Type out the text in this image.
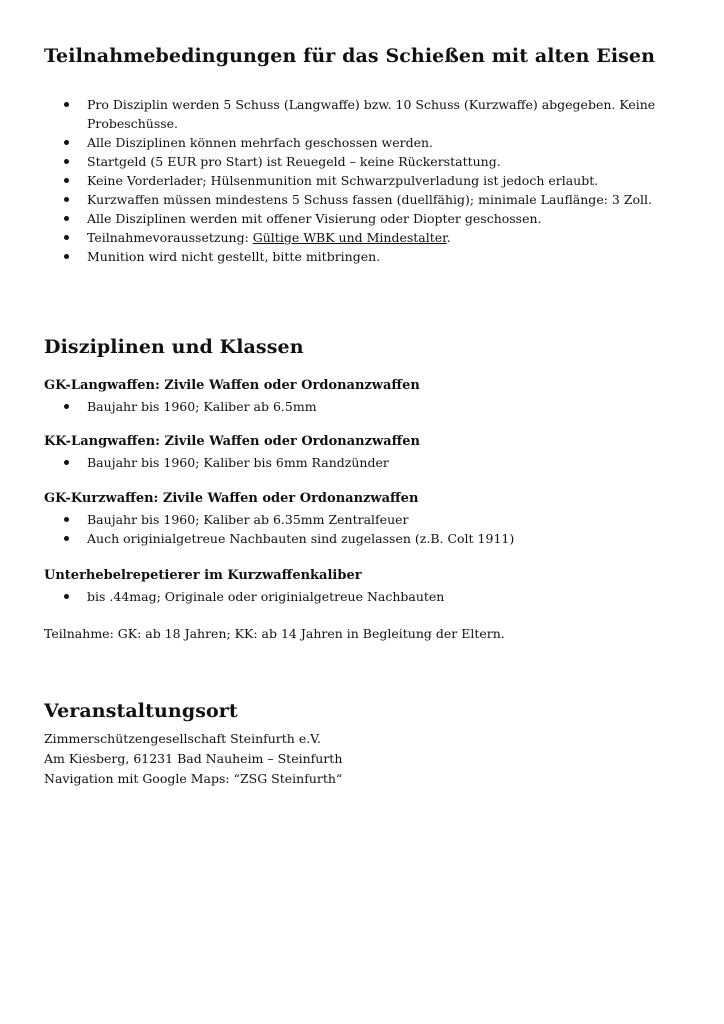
Teilnahmebedingungen für das Schießen mit alten Eisen
Pro Disziplin werden 5 Schuss (Langwaffe) bzw. 10 Schuss (Kurzwaffe) abgegeben. Keine Probeschüsse.
Alle Disziplinen können mehrfach geschossen werden.
Startgeld (5 EUR pro Start) ist Reuegeld – keine Rückerstattung.
Keine Vorderlader; Hülsenmunition mit Schwarzpulverladung ist jedoch erlaubt.
Kurzwaffen müssen mindestens 5 Schuss fassen (duellfähig); minimale Lauflänge: 3 Zoll.
Alle Disziplinen werden mit offener Visierung oder Diopter geschossen.
Teilnahmevoraussetzung: Gültige WBK und Mindestalter.
Munition wird nicht gestellt, bitte mitbringen.
Disziplinen und Klassen

GK-Langwaffen: Zivile Waffen oder Ordonanzwaffen

Baujahr bis 1960; Kaliber ab 6.5mm

KK-Langwaffen: Zivile Waffen oder Ordonanzwaffen

Baujahr bis 1960; Kaliber bis 6mm Randzünder

GK-Kurzwaffen: Zivile Waffen oder Ordonanzwaffen

Baujahr bis 1960; Kaliber ab 6.35mm Zentralfeuer
Auch originialgetreue Nachbauten sind zugelassen (z.B. Colt 1911)

Unterhebelrepetierer im Kurzwaffenkaliber

bis .44mag; Originale oder originialgetreue Nachbauten

Teilnahme: GK: ab 18 Jahren; KK: ab 14 Jahren in Begleitung der Eltern.

Veranstaltungsort

Zimmerschützengesellschaft Steinfurth e.V.

Am Kiesberg, 61231 Bad Nauheim – Steinfurth

Navigation mit Google Maps: “ZSG Steinfurth“
